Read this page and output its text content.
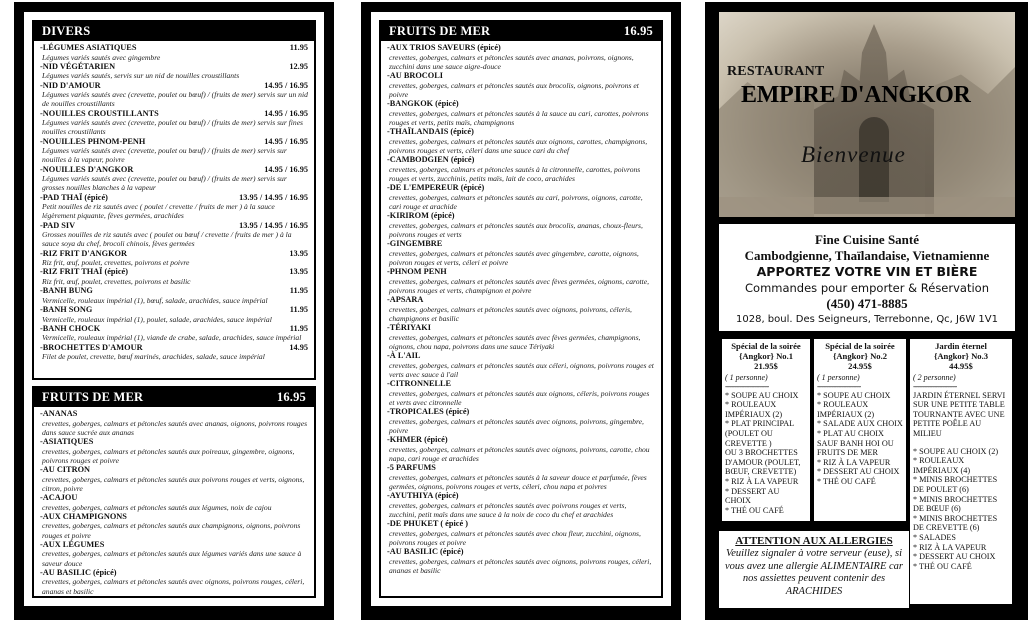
DIVERS
-LÉGUMES ASIATIQUES	11.95
Légumes variés sautés avec gingembre
-NID VÉGÉTARIEN	12.95
Légumes variés sautés, servis sur un nid de nouilles croustillants
-NID D'AMOUR	14.95 / 16.95
Légumes variés sautés avec (crevette, poulet ou bœuf) / (fruits de mer) servis sur un nid de nouilles croustillants
-NOUILLES CROUSTILLANTS	14.95 / 16.95
Légumes variés sautés avec (crevette, poulet ou bœuf) / (fruits de mer) servis sur fines nouilles croustillants
-NOUILLES PHNOM-PENH	14.95 / 16.95
Légumes variés sautés avec (crevette, poulet ou bœuf) / (fruits de mer) servis sur nouilles à la vapeur, poivre
-NOUILLES D'ANGKOR	14.95 / 16.95
Légumes variés sautés avec (crevette, poulet ou bœuf) / (fruits de mer) servis sur grosses nouilles blanches à la vapeur
-PAD THAÏ (épicé)	13.95 / 14.95 / 16.95
Petit nouilles de riz sautés avec ( poulet / crevette / fruits de mer ) à la sauce légèrement piquante, fèves germées, arachides
-PAD SIV	13.95 / 14.95 / 16.95
Grosses nouilles de riz sautés avec ( poulet ou bœuf / crevette / fruits de mer ) à la sauce soya du chef, brocoli chinois, fèves germées
-RIZ FRIT D'ANGKOR	13.95
Riz frit, œuf, poulet, crevettes, poivrons et poivre
-RIZ FRIT THAÏ (épicé)	13.95
Riz frit, œuf, poulet, crevettes, poivrons et basilic
-BANH BUNG	11.95
Vermicelle, rouleaux impérial (1), bœuf, salade, arachides, sauce impérial
-BANH SONG	11.95
Vermicelle, rouleaux impérial (1), poulet, salade, arachides, sauce impérial
-BANH CHOCK	11.95
Vermicelle, rouleaux impérial (1), viande de crabe, salade, arachides, sauce impérial
-BROCHETTES D'AMOUR	14.95
Filet de poulet, crevette, bœuf marinés, arachides, salade, sauce impérial
FRUITS DE MER	16.95
-ANANAS
crevettes, goberges, calmars et pétoncles sautés avec ananas, oignons, poivrons rouges dans sauce sucrée aux ananas
-ASIATIQUES
crevettes, goberges, calmars et pétoncles sautés aux poireaux, gingembre, oignons, poivrons rouges et poivre
-AU CITRON
crevettes, goberges, calmars et pétoncles sautés aux poivrons rouges et verts, oignons, citron, poivre
-ACAJOU
crevettes, goberges, calmars et pétoncles sautés aux légumes, noix de cajou
-AUX CHAMPIGNONS
crevettes, goberges, calmars et pétoncles sautés aux champignons, oignons, poivrons rouges et poivre
-AUX LÉGUMES
crevettes, goberges, calmars et pétoncles sautés aux légumes variés dans une sauce à saveur douce
-AU BASILIC (épicé)
crevettes, goberges, calmars et pétoncles sautés avec oignons, poivrons rouges, céleri, ananas et basilic
FRUITS DE MER	16.95
-AUX TRIOS SAVEURS (épicé)
crevettes, goberges, calmars et pétoncles sautés avec ananas, poivrons, oignons, zucchini dans une sauce aigre-douce
-AU BROCOLI
crevettes, goberges, calmars et pétoncles sautés aux brocolis, oignons, poivrons et poivre
-BANGKOK (épicé)
crevettes, goberges, calmars et pétoncles sautés à la sauce au cari, carottes, poivrons rouges et verts, petits maïs, champignons
-THAÏLANDAIS (épicé)
crevettes, goberges, calmars et pétoncles sautés aux oignons, carottes, champignons, poivrons rouges et verts, céleri dans une sauce cari du chef
-CAMBODGIEN (épicé)
crevettes, goberges, calmars et pétoncles sautés à la citronnelle, carottes, poivrons rouges et verts, zucchinis, petits maïs, lait de coco, arachides
-DE L'EMPEREUR (épicé)
crevettes, goberges, calmars et pétoncles sautés au cari, poivrons, oignons, carotte, cari rouge et arachide
-KIRIROM (épicé)
crevettes, goberges, calmars et pétoncles sautés aux brocolis, ananas, choux-fleurs, poivrons rouges et verts
-GINGEMBRE
crevettes, goberges, calmars et pétoncles sautés avec gingembre, carotte, oignons, poivron rouges et verts, céleri et poivre
-PHNOM PENH
crevettes, goberges, calmars et pétoncles sautés avec fèves germées, oignons, carotte, poivrons rouges et verts, champignon et poivre
-APSARA
crevettes, goberges, calmars et pétoncles sautés avec oignons, poivrons, céleris, champignons et basilic
-TÉRIYAKI
crevettes, goberges, calmars et pétoncles sautés avec fèves germées, champignons, oignons, chou napa, poivrons dans une sauce Tériyaki
-À L'AIL
crevettes, goberges, calmars et pétoncles sautés aux céleri, oignons, poivrons rouges et verts avec sauce à l'ail
-CITRONNELLE
crevettes, goberges, calmars et pétoncles sautés aux oignons, céleris, poivrons rouges et verts avec citronnelle
-TROPICALES (épicé)
crevettes, goberges, calmars et pétoncles sautés avec oignons, poivrons, gingembre, poivre
-KHMER (épicé)
crevettes, goberges, calmars et pétoncles sautés avec oignons, poivrons, carotte, chou napa, cari rouge et arachides
-5 PARFUMS
crevettes, goberges, calmars et pétoncles sautés à la saveur douce et parfumée, fèves germées, oignons, poivrons rouges et verts, céleri, chou napa et poivres
-AYUTHIYA (épicé)
crevettes, goberges, calmars et pétoncles sautés avec poivrons rouges et verts, zucchini, petit maïs dans une sauce à la noix de coco du chef et arachides
-DE PHUKET ( épicé )
crevettes, goberges, calmars et pétoncles sautés avec chou fleur, zucchini, oignons, poivrons rouges et poivre
-AU BASILIC (épicé)
crevettes, goberges, calmars et pétoncles sautés avec oignons, poivrons rouges, céleri, ananas et basilic
RESTAURANT
EMPIRE D'ANGKOR
Bienvenue
Fine Cuisine Santé
Cambodgienne, Thaïlandaise, Vietnamienne
APPORTEZ VOTRE VIN ET BIÈRE
Commandes pour emporter & Réservation
(450) 471-8885
1028, boul. Des Seigneurs, Terrebonne, Qc, J6W 1V1
Spécial de la soirée
{Angkor} No.1
21.95$
( 1 personne)
--------------------------
* SOUPE AU CHOIX
* ROULEAUX IMPÉRIAUX (2)
* PLAT PRINCIPAL (POULET OU CREVETTE )
OU 3 BROCHETTES D'AMOUR (POULET, BŒUF, CREVETTE)
* RIZ À LA VAPEUR
* DESSERT AU CHOIX
* THÉ OU CAFÉ
Spécial de la soirée
{Angkor} No.2
24.95$
( 1 personne)
--------------------------
* SOUPE AU CHOIX
* ROULEAUX IMPÉRIAUX (2)
* SALADE AUX CHOIX
* PLAT AU CHOIX SAUF BANH HOI OU FRUITS DE MER
* RIZ À LA VAPEUR
* DESSERT AU CHOIX
* THÉ OU CAFÉ
Jardin éternel
{Angkor} No.3
44.95$
( 2 personne)
--------------------------
JARDIN ÉTERNEL SERVI SUR UNE PETITE TABLE TOURNANTE AVEC UNE PETITE POÊLE AU MILIEU
* SOUPE AU CHOIX (2)
* ROULEAUX IMPÉRIAUX (4)
* MINIS BROCHETTES DE POULET (6)
* MINIS BROCHETTES DE BŒUF (6)
* MINIS BROCHETTES DE CREVETTE (6)
* SALADES
* RIZ À LA VAPEUR
* DESSERT AU CHOIX
* THÉ OU CAFÉ
ATTENTION AUX ALLERGIES
Veuillez signaler à votre serveur (euse), si vous avez une allergie ALIMENTAIRE car nos assiettes peuvent contenir des ARACHIDES
